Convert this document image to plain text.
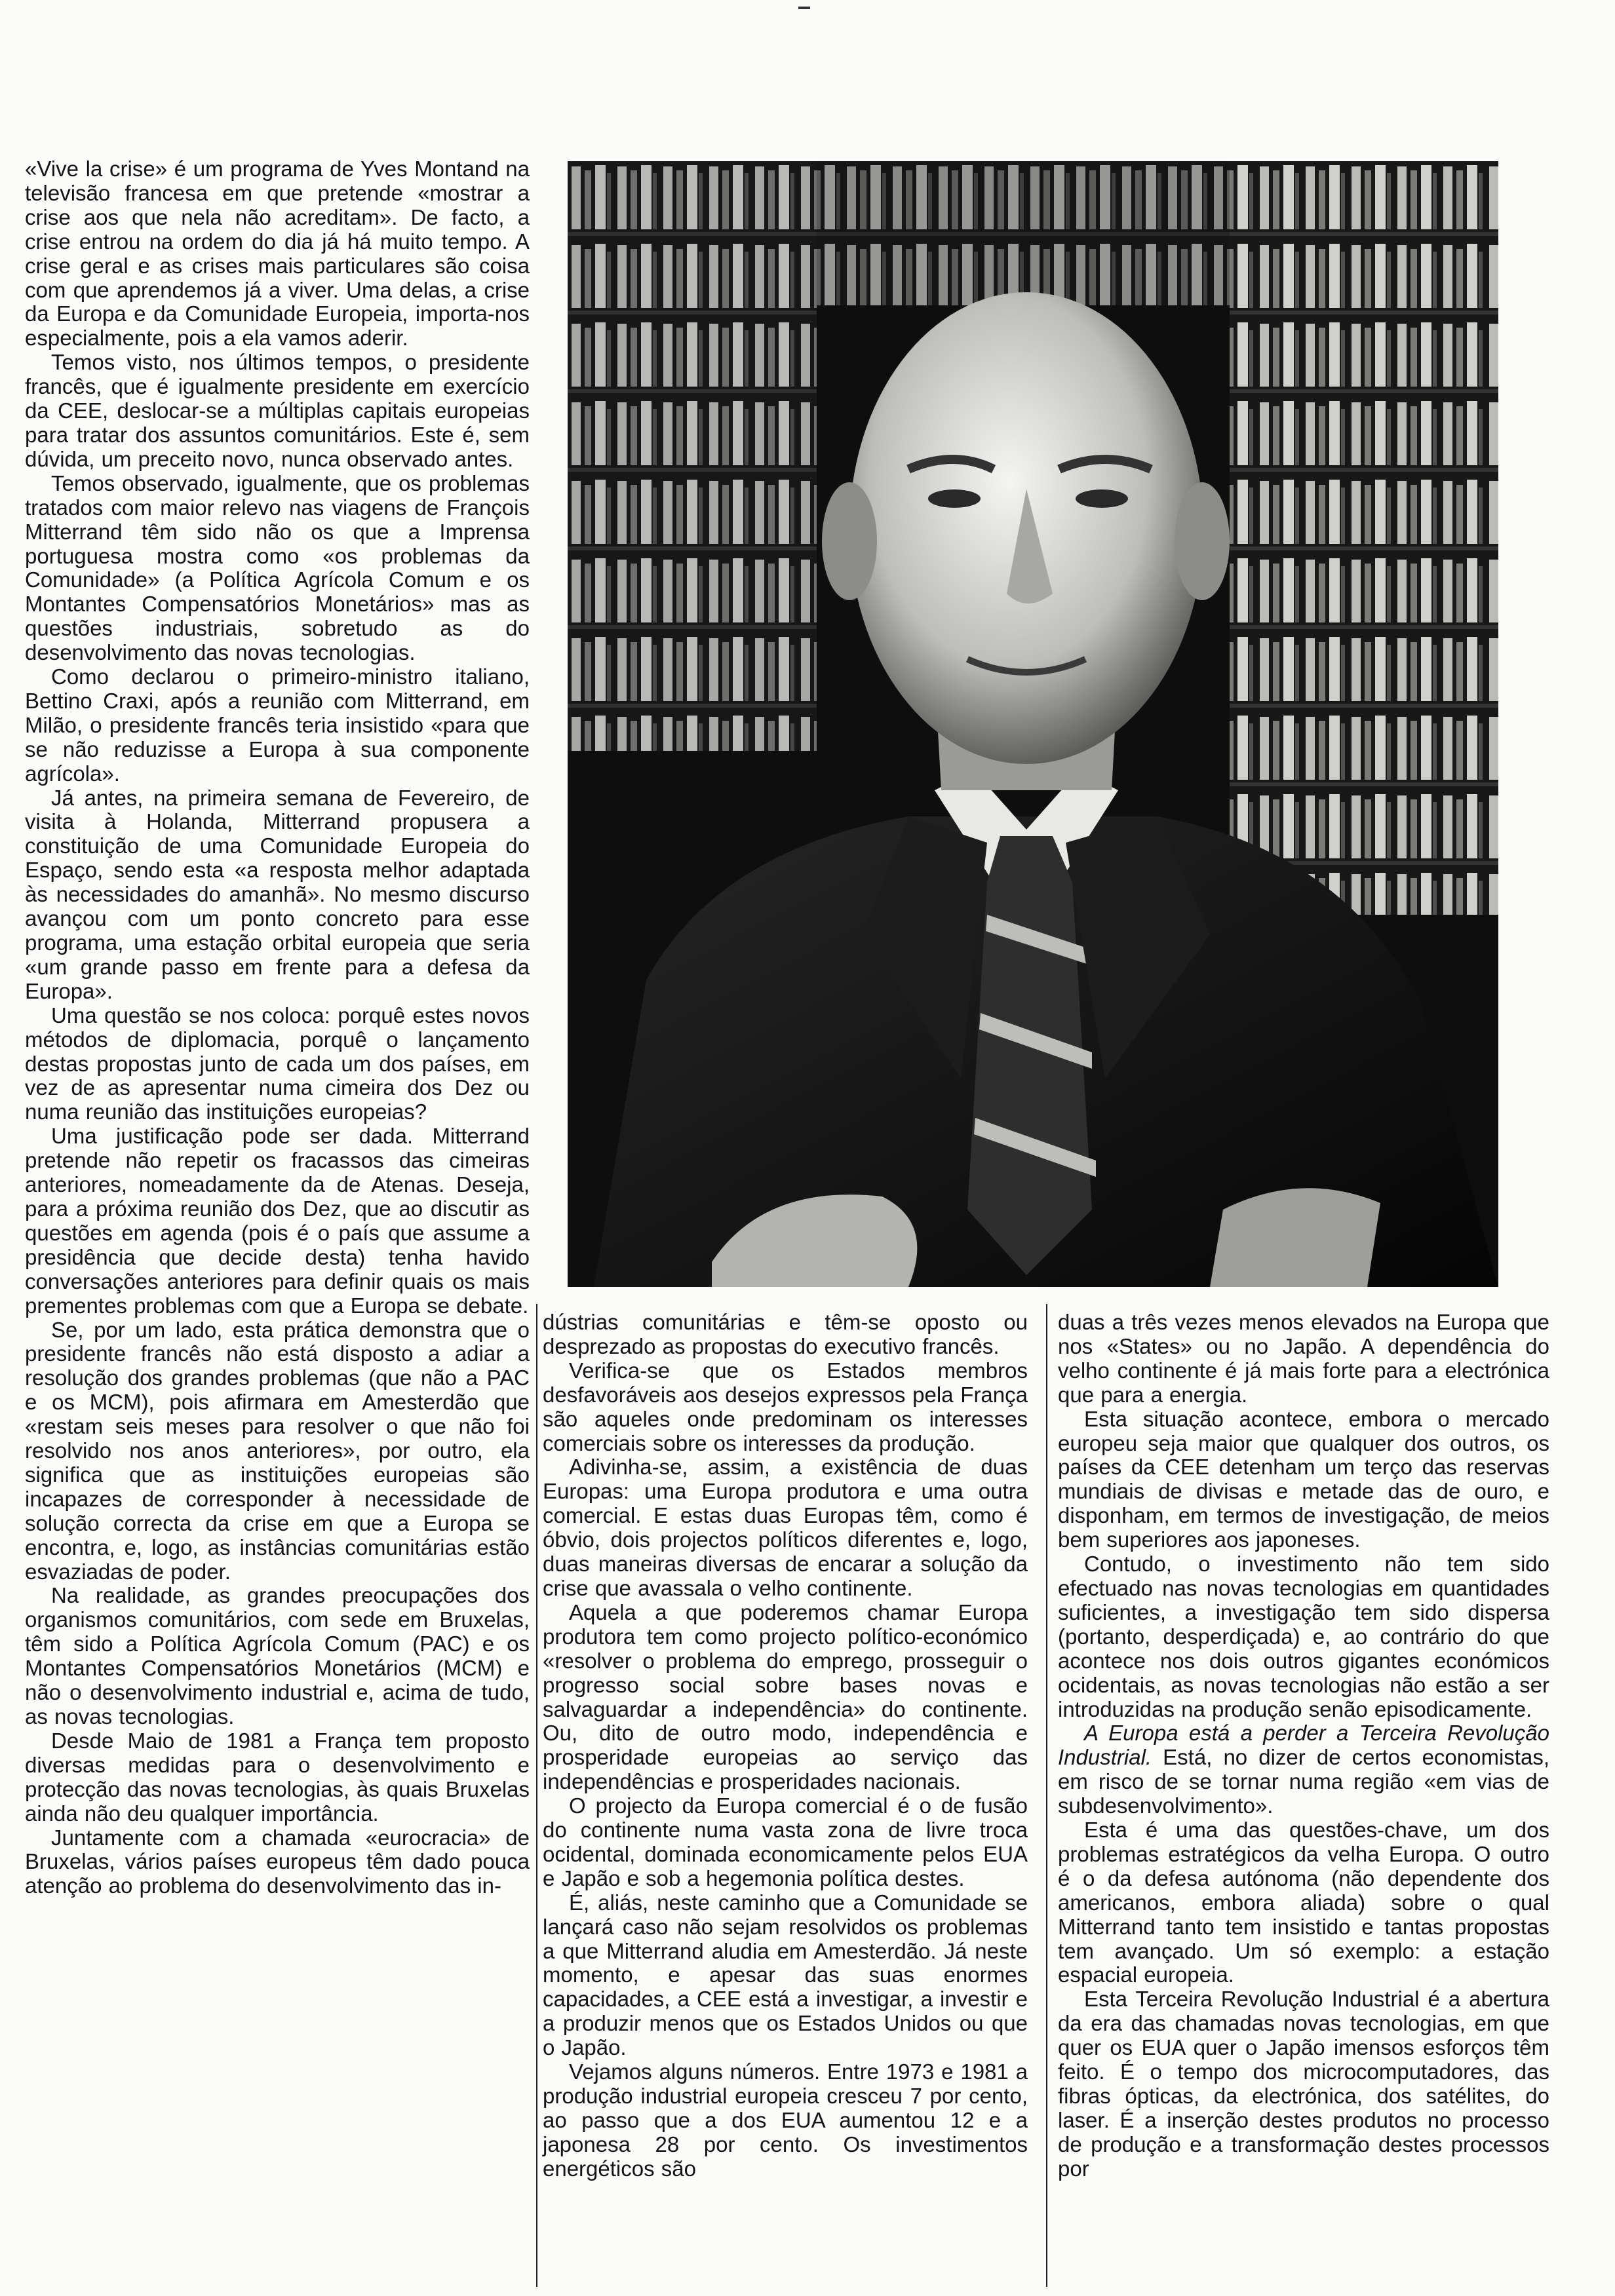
«Vive la crise» é um programa de Yves Montand na televisão francesa em que pretende «mostrar a crise aos que nela não acreditam». De facto, a crise entrou na ordem do dia já há muito tempo. A crise geral e as crises mais particulares são coisa com que aprendemos já a viver. Uma delas, a crise da Europa e da Comunidade Europeia, importa-nos especialmente, pois a ela vamos aderir.

Temos visto, nos últimos tempos, o presidente francês, que é igualmente presidente em exercício da CEE, deslocar-se a múltiplas capitais europeias para tratar dos assuntos comunitários. Este é, sem dúvida, um preceito novo, nunca observado antes.

Temos observado, igualmente, que os problemas tratados com maior relevo nas viagens de François Mitterrand têm sido não os que a Imprensa portuguesa mostra como «os problemas da Comunidade» (a Política Agrícola Comum e os Montantes Compensatórios Monetários» mas as questões industriais, sobretudo as do desenvolvimento das novas tecnologias.

Como declarou o primeiro-ministro italiano, Bettino Craxi, após a reunião com Mitterrand, em Milão, o presidente francês teria insistido «para que se não reduzisse a Europa à sua componente agrícola».

Já antes, na primeira semana de Fevereiro, de visita à Holanda, Mitterrand propusera a constituição de uma Comunidade Europeia do Espaço, sendo esta «a resposta melhor adaptada às necessidades do amanhã». No mesmo discurso avançou com um ponto concreto para esse programa, uma estação orbital europeia que seria «um grande passo em frente para a defesa da Europa».

Uma questão se nos coloca: porquê estes novos métodos de diplomacia, porquê o lançamento destas propostas junto de cada um dos países, em vez de as apresentar numa cimeira dos Dez ou numa reunião das instituições europeias?

Uma justificação pode ser dada. Mitterrand pretende não repetir os fracassos das cimeiras anteriores, nomeadamente da de Atenas. Deseja, para a próxima reunião dos Dez, que ao discutir as questões em agenda (pois é o país que assume a presidência que decide desta) tenha havido conversações anteriores para definir quais os mais prementes problemas com que a Europa se debate.

Se, por um lado, esta prática demonstra que o presidente francês não está disposto a adiar a resolução dos grandes problemas (que não a PAC e os MCM), pois afirmara em Amesterdão que «restam seis meses para resolver o que não foi resolvido nos anos anteriores», por outro, ela significa que as instituições europeias são incapazes de corresponder à necessidade de solução correcta da crise em que a Europa se encontra, e, logo, as instâncias comunitárias estão esvaziadas de poder.

Na realidade, as grandes preocupações dos organismos comunitários, com sede em Bruxelas, têm sido a Política Agrícola Comum (PAC) e os Montantes Compensatórios Monetários (MCM) e não o desenvolvimento industrial e, acima de tudo, as novas tecnologias.

Desde Maio de 1981 a França tem proposto diversas medidas para o desenvolvimento e protecção das novas tecnologias, às quais Bruxelas ainda não deu qualquer importância.

Juntamente com a chamada «eurocracia» de Bruxelas, vários países europeus têm dado pouca atenção ao problema do desenvolvimento das in-

dústrias comunitárias e têm-se oposto ou desprezado as propostas do executivo francês.

Verifica-se que os Estados membros desfavoráveis aos desejos expressos pela França são aqueles onde predominam os interesses comerciais sobre os interesses da produção.

Adivinha-se, assim, a existência de duas Europas: uma Europa produtora e uma outra comercial. E estas duas Europas têm, como é óbvio, dois projectos políticos diferentes e, logo, duas maneiras diversas de encarar a solução da crise que avassala o velho continente.

Aquela a que poderemos chamar Europa produtora tem como projecto político-económico «resolver o problema do emprego, prosseguir o progresso social sobre bases novas e salvaguardar a independência» do continente. Ou, dito de outro modo, independência e prosperidade europeias ao serviço das independências e prosperidades nacionais.

O projecto da Europa comercial é o de fusão do continente numa vasta zona de livre troca ocidental, dominada economicamente pelos EUA e Japão e sob a hegemonia política destes.

É, aliás, neste caminho que a Comunidade se lançará caso não sejam resolvidos os problemas a que Mitterrand aludia em Amesterdão. Já neste momento, e apesar das suas enormes capacidades, a CEE está a investigar, a investir e a produzir menos que os Estados Unidos ou que o Japão.

Vejamos alguns números. Entre 1973 e 1981 a produção industrial europeia cresceu 7 por cento, ao passo que a dos EUA aumentou 12 e a japonesa 28 por cento. Os investimentos energéticos são

duas a três vezes menos elevados na Europa que nos «States» ou no Japão. A dependência do velho continente é já mais forte para a electrónica que para a energia.

Esta situação acontece, embora o mercado europeu seja maior que qualquer dos outros, os países da CEE detenham um terço das reservas mundiais de divisas e metade das de ouro, e disponham, em termos de investigação, de meios bem superiores aos japoneses.

Contudo, o investimento não tem sido efectuado nas novas tecnologias em quantidades suficientes, a investigação tem sido dispersa (portanto, desperdiçada) e, ao contrário do que acontece nos dois outros gigantes económicos ocidentais, as novas tecnologias não estão a ser introduzidas na produção senão episodicamente.

A Europa está a perder a Terceira Revolução Industrial. Está, no dizer de certos economistas, em risco de se tornar numa região «em vias de subdesenvolvimento».

Esta é uma das questões-chave, um dos problemas estratégicos da velha Europa. O outro é o da defesa autónoma (não dependente dos americanos, embora aliada) sobre o qual Mitterrand tanto tem insistido e tantas propostas tem avançado. Um só exemplo: a estação espacial europeia.

Esta Terceira Revolução Industrial é a abertura da era das chamadas novas tecnologias, em que quer os EUA quer o Japão imensos esforços têm feito. É o tempo dos microcomputadores, das fibras ópticas, da electrónica, dos satélites, do laser. É a inserção destes produtos no processo de produção e a transformação destes processos por
